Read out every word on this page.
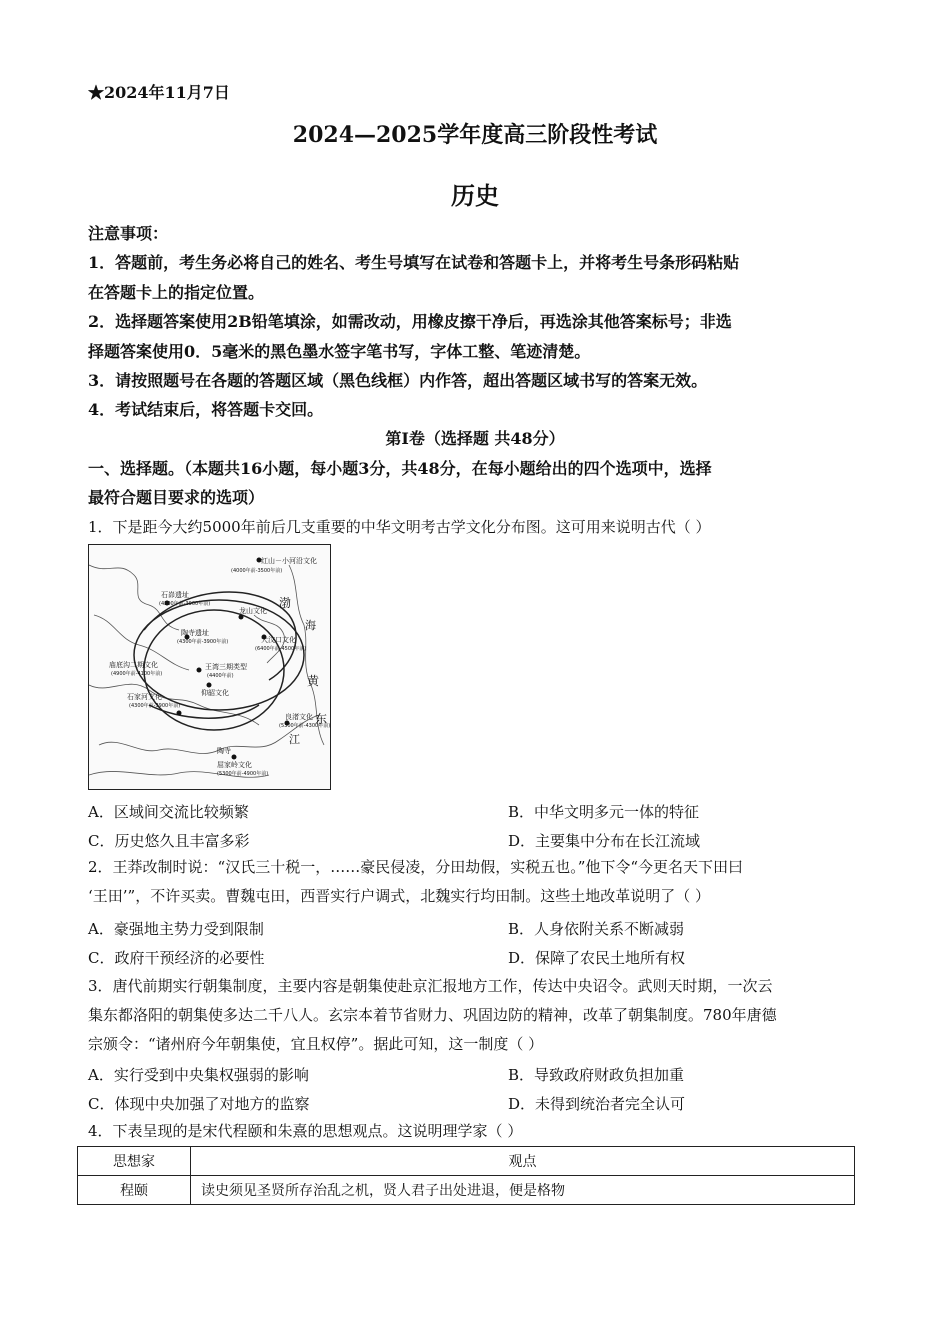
★2024年11月7日
2024—2025学年度高三阶段性考试
历史
注意事项：
1．答题前，考生务必将自己的姓名、考生号填写在试卷和答题卡上，并将考生号条形码粘贴
在答题卡上的指定位置。
2．选择题答案使用2B铅笔填涂，如需改动，用橡皮擦干净后，再选涂其他答案标号；非选
择题答案使用0．5毫米的黑色墨水签字笔书写，字体工整、笔迹清楚。
3．请按照题号在各题的答题区域（黑色线框）内作答，超出答题区域书写的答案无效。
4．考试结束后，将答题卡交回。
第Ⅰ卷（选择题 共48分）
一、选择题。（本题共16小题，每小题3分，共48分，在每小题给出的四个选项中，选择
最符合题目要求的选项）
1．下是距今大约5000年前后几支重要的中华文明考古学文化分布图。这可用来说明古代（ ）
红山－小河沿文化
(4000年前-3500年前)
石峁遗址
(4200年前-3900年前)
陶寺遗址
(4300年前-3900年前)
龙山文化
大汶口文化
(6400年前-4500年前)
庙底沟二期文化
(4900年前-4100年前)
王湾三期类型
(4400年前)
仰韶文化
石家河文化
(4300年前-3900年前)
良渚文化
(5300年前-4300年前)
陶寺
屈家岭文化
(5300年前-4900年前)
渤
黄
东
江
海
A．区域间交流比较频繁	B．中华文明多元一体的特征
C．历史悠久且丰富多彩	D．主要集中分布在长江流域
2．王莽改制时说：“汉氏三十税一，……豪民侵凌，分田劫假，实税五也。”他下令“今更名天下田曰
‘王田’”，不许买卖。曹魏屯田，西晋实行户调式，北魏实行均田制。这些土地改革说明了（ ）
A．豪强地主势力受到限制	B．人身依附关系不断减弱
C．政府干预经济的必要性	D．保障了农民土地所有权
3．唐代前期实行朝集制度，主要内容是朝集使赴京汇报地方工作，传达中央诏令。武则天时期，一次云
集东都洛阳的朝集使多达二千八人。玄宗本着节省财力、巩固边防的精神，改革了朝集制度。780年唐德
宗颁令：“诸州府今年朝集使，宜且权停”。据此可知，这一制度（ ）
A．实行受到中央集权强弱的影响	B．导致政府财政负担加重
C．体现中央加强了对地方的监察	D．未得到统治者完全认可
4．下表呈现的是宋代程颐和朱熹的思想观点。这说明理学家（ ）
思想家	观点
程颐	读史须见圣贤所存治乱之机，贤人君子出处进退，便是格物
